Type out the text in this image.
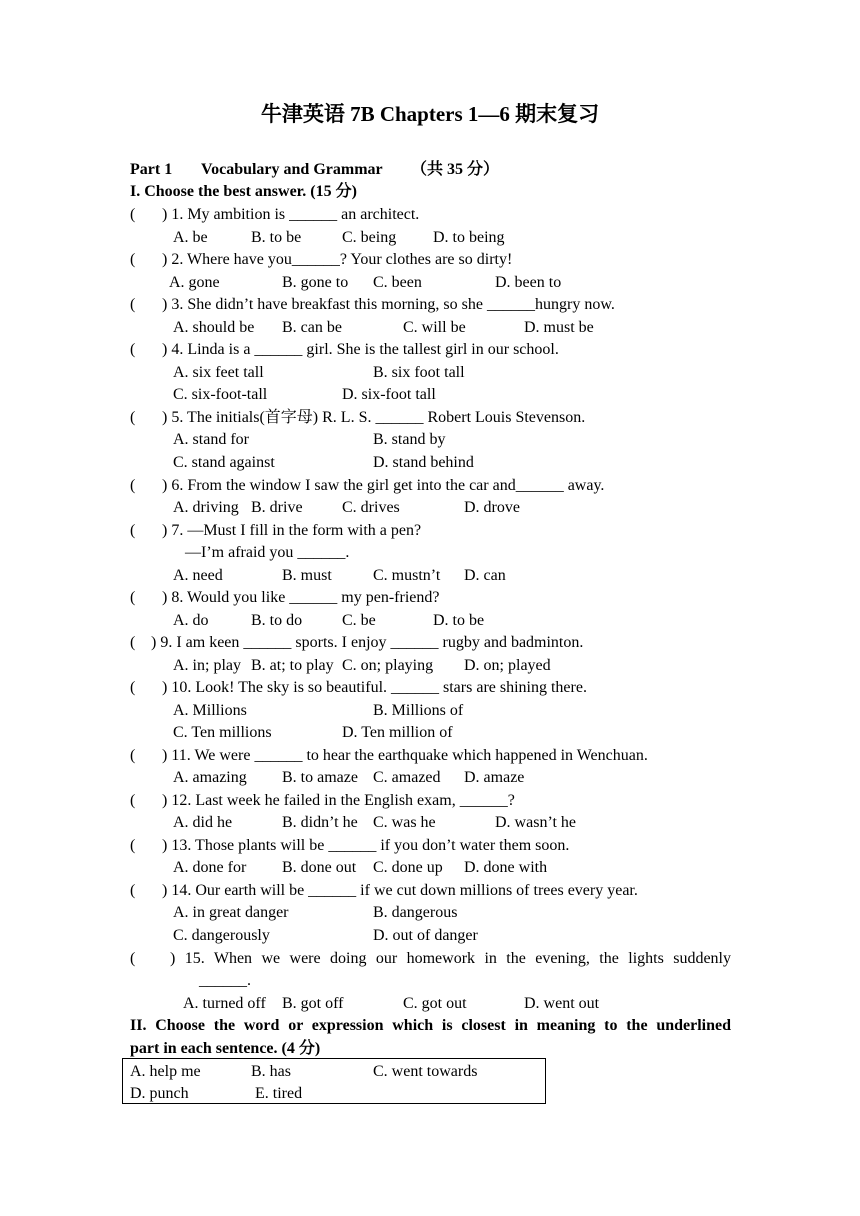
牛津英语 7B Chapters 1—6 期末复习
Part 1 Vocabulary and Grammar （共 35 分）
I. Choose the best answer. (15 分)
( ) 1. My ambition is ______ an architect.
A. be	B. to be	C. being D. to being
( ) 2. Where have you______? Your clothes are so dirty!
A. gone	B. gone to C. been	D. been to
( ) 3. She didn’t have breakfast this morning, so she ______hungry now.
A. should be B. can be	C. will be	D. must be
( ) 4. Linda is a ______ girl. She is the tallest girl in our school.
A. six feet tall	B. six foot tall
C. six-foot-tall	D. six-foot tall
( ) 5. The initials(首字母) R. L. S. ______ Robert Louis Stevenson.
A. stand for	B. stand by
C. stand against	D. stand behind
( ) 6. From the window I saw the girl get into the car and______ away.
A. driving B. drive C. drives	D. drove
( ) 7. —Must I fill in the form with a pen?
—I’m afraid you ______.
A. need	B. must	C. mustn’t D. can
( ) 8. Would you like ______ my pen-friend?
A. do	B. to do C. be	D. to be
( ) 9. I am keen ______ sports. I enjoy ______ rugby and badminton.
A. in; play B. at; to play C. on; playing D. on; played
( ) 10. Look! The sky is so beautiful. ______ stars are shining there.
A. Millions	B. Millions of
C. Ten millions	D. Ten million of
( ) 11. We were ______ to hear the earthquake which happened in Wenchuan.
A. amazing B. to amaze C. amazed D. amaze
( ) 12. Last week he failed in the English exam, ______?
A. did he	B. didn’t he C. was he	D. wasn’t he
( ) 13. Those plants will be ______ if you don’t water them soon.
A. done for B. done out C. done up D. done with
( ) 14. Our earth will be ______ if we cut down millions of trees every year.
A. in great danger	B. dangerous
C. dangerously	D. out of danger
( ) 15. When we were doing our homework in the evening, the lights suddenly
______.
A. turned off B. got off	C. got out	D. went out
II. Choose the word or expression which is closest in meaning to the underlined
part in each sentence. (4 分)
A. help me	B. has	C. went towards
D. punch	E. tired
